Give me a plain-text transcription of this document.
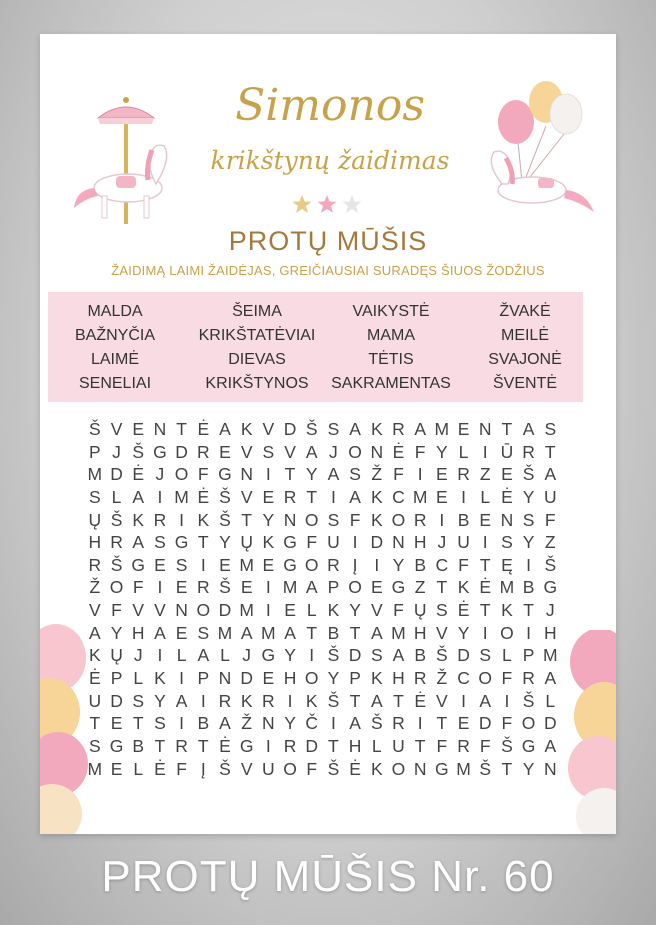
Simonos
krikštynų žaidimas
PROTŲ MŪŠIS
ŽAIDIMĄ LAIMI ŽAIDĖJAS, GREIČIAUSIAI SURADĘS ŠIUOS ŽODŽIUS
MALDA
BAŽNYČIA
LAIMĖ
SENELIAI
ŠEIMA
KRIKŠTATĖVIAI
DIEVAS
KRIKŠTYNOS
VAIKYSTĖ
MAMA
TĖTIS
SAKRAMENTAS
ŽVAKĖ
MEILĖ
SVAJONĖ
ŠVENTĖ
Š V E N T Ė A K V D Š S A K R A M E N T A S
P J Š G D R E V S V A J O N Ė F Y L I Ū R T
M D Ė J O F G N I T Y A S Ž F I E R Z E Š A
S L A I M Ė Š V E R T I A K C M E I L Ė Y U
Ų Š K R I K Š T Y N O S F K O R I B E N S F
H R A S G T Y Ų K G F U I D N H J U I S Y Z
R Š G E S I E M E G O R Į I Y B C F T Ę I Š
Ž O F I E R Š E I M A P O E G Z T K Ė M B G
V F V V N O D M I E L K Y V F Ų S Ė T K T J
A Y H A E S M A M A T B T A M H V Y I O I H
K Ų J I L A L J G Y I Š D S A B Š D S L P M
Ė P L K I P N D E H O Y P K H R Ž C O F R A
U D S Y A I R K R I K Š T A T Ė V I A I Š L
T E T S I B A Ž N Y Č I A Š R I T E D F O D
S G B T R T Ė G I R D T H L U T F R F Š G A
M E L Ė F Į Š V U O F Š Ė K O N G M Š T Y N
PROTŲ MŪŠIS Nr. 60
